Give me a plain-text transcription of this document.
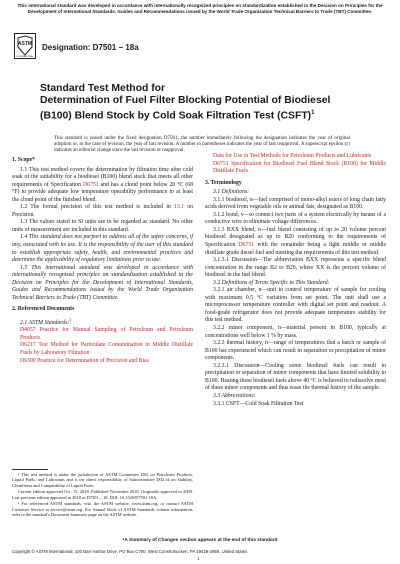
This international standard was developed in accordance with internationally recognized principles on standardization established in the Decision on Principles for the Development of International Standards, Guides and Recommendations issued by the World Trade Organization Technical Barriers to Trade (TBT) Committee.
ASTM
INTERNATIONAL
Designation: D7501 − 18a
Standard Test Method for
Determination of Fuel Filter Blocking Potential of Biodiesel
(B100) Blend Stock by Cold Soak Filtration Test (CSFT)$^1$
This standard is issued under the fixed designation D7501; the number immediately following the designation indicates the year of original adoption or, in the case of revision, the year of last revision. A number in parentheses indicates the year of last reapproval. A superscript epsilon (ε) indicates an editorial change since the last revision or reapproval.

1. Scope*

1.1 This test method covers the determination by filtration time after cold soak of the suitability for a biodiesel (B100) blend stock that meets all other requirements of Specification D6751 and has a cloud point below 20 °C (68 °F) to provide adequate low temperature operability performance to at least the cloud point of the finished blend.

1.2 The formal precision of this test method is included in 13.1 on Precision.

1.3 The values stated in SI units are to be regarded as standard. No other units of measurement are included in this standard.

1.4 This standard does not purport to address all of the safety concerns, if any, associated with its use. It is the responsibility of the user of this standard to establish appropriate safety, health, and environmental practices and determine the applicability of regulatory limitations prior to use.

1.5 This international standard was developed in accordance with internationally recognized principles on standardization established in the Decision on Principles for the Development of International Standards, Guides and Recommendations issued by the World Trade Organization Technical Barriers to Trade (TBT) Committee.

2. Referenced Documents

2.1 ASTM Standards:$^2$

D4057 Practice for Manual Sampling of Petroleum and Petroleum Products

D6217 Test Method for Particulate Contamination in Middle Distillate Fuels by Laboratory Filtration

D6300 Practice for Determination of Precision and Bias

¹ This test method is under the jurisdiction of ASTM Committee D02 on Petroleum Products, Liquid Fuels, and Lubricants and is the direct responsibility of Subcommittee D02.14 on Stability, Cleanliness and Compatibility of Liquid Fuels.

Current edition approved Oct. 15, 2018. Published November 2018. Originally approved in 2009. Last previous edition approved in 2018 as D7501 – 18. DOI: 10.1520/D7501-18A.

² For referenced ASTM standards, visit the ASTM website, www.astm.org, or contact ASTM Customer Service at service@astm.org. For Annual Book of ASTM Standards volume information, refer to the standard's Document Summary page on the ASTM website.

Data for Use in Test Methods for Petroleum Products and Lubricants

D6751 Specification for Biodiesel Fuel Blend Stock (B100) for Middle Distillate Fuels

3. Terminology

3.1 Definitions:

3.1.1 biodiesel, n—fuel comprised of mono-alkyl esters of long chain fatty acids derived from vegetable oils or animal fats, designated as B100.

3.1.2 bond, v—to connect two parts of a system electrically by means of a conductive wire to eliminate voltage differences.

3.1.3 BXX blend, n—fuel blend consisting of up to 20 volume percent biodiesel designated as up to B20 conforming to the requirements of Specification D6751 with the remainder being a light middle or middle distillate grade diesel fuel and meeting the requirements of this test method.

3.1.3.1 Discussion—The abbreviation BXX represents a specific blend concentration in the range B2 to B20, where XX is the percent volume of biodiesel in the fuel blend.

3.2 Definitions of Terms Specific to This Standard:

3.2.1 air chamber, n—unit to control temperature of sample for cooling with maximum 0.5 °C variation from set point. The unit shall use a microprocessor temperature controller with digital set point and readout. A food-grade refrigerator does not provide adequate temperature stability for this test method.

3.2.2 minor component, n—material present in B100, typically at concentrations well below 1 % by mass.

3.2.3 thermal history, n—range of temperatures that a batch or sample of B100 has experienced which can result in separation or precipitation of minor components.

3.2.3.1 Discussion—Cooling some biodiesel fuels can result in precipitation or separation of minor components that have limited solubility in B100. Heating these biodiesel fuels above 40 °C is believed to redissolve most of these minor components and thus erase the thermal history of the sample.

3.3 Abbreviations:

3.3.1 CSFT—Cold Soak Filtration Test

*A Summary of Changes section appears at the end of this standard
Copyright © ASTM International, 100 Barr Harbor Drive, PO Box C700, West Conshohocken, PA 19428-2959. United States
1
